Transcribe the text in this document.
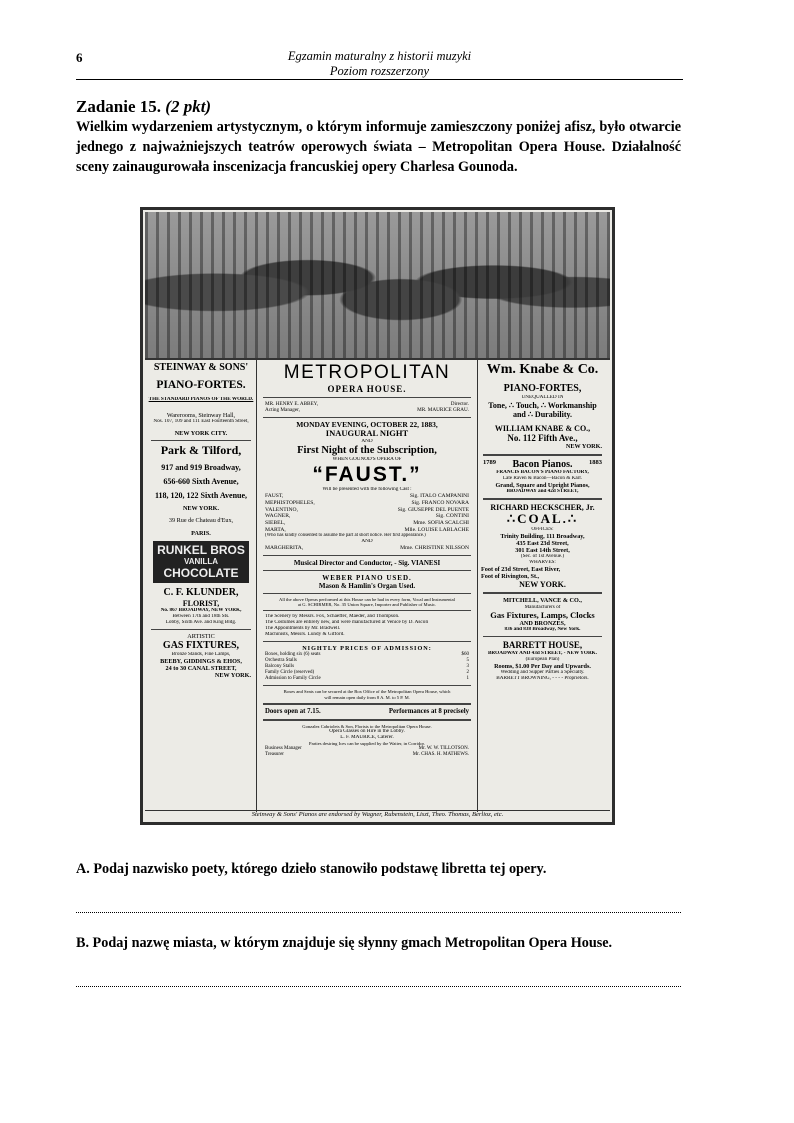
6	Egzamin maturalny z historii muzyki
Poziom rozszerzony
Zadanie 15. (2 pkt)
Wielkim wydarzeniem artystycznym, o którym informuje zamieszczony poniżej afisz, było otwarcie jednego z najważniejszych teatrów operowych świata – Metropolitan Opera House. Działalność sceny zainaugurowała inscenizacja francuskiej opery Charlesa Gounoda.
STEINWAY & SONS'
PIANO-FORTES.
THE STANDARD PIANOS OF THE WORLD.
Warerooms, Steinway Hall,
Nos. 107, 109 and 111 East Fourteenth Street,
NEW YORK CITY.
Park & Tilford,
917 and 919 Broadway,
656-660 Sixth Avenue,
118, 120, 122 Sixth Avenue,
NEW YORK.
39 Rue de Chateau d'Eux,
PARIS.
RUNKEL BROS
VANILLA
CHOCOLATE
C. F. KLUNDER,
FLORIST,
No. 867 BROADWAY, NEW YORK,
Between 17th and 18th Sts.
Lobby, Sixth Ave. and King Bldg.
ARTISTIC
GAS FIXTURES,
Bronze Stands, Fine Lamps,
BEEBY, GIDDINGS & EHOS,
24 to 30 CANAL STREET,
NEW YORK.
METROPOLITAN
OPERA HOUSE.
MR. HENRY E. ABBEY,	Director.
Acting Manager,	MR. MAURICE GRAU.
MONDAY EVENING, OCTOBER 22, 1883,
INAUGURAL NIGHT
AND
First Night of the Subscription,
WHEN GOUNOD'S OPERA OF
“FAUST.”
Will be presented with the following Cast :
FAUST,	Sig. ITALO CAMPANINI
MEPHISTOPHELES,	Sig. FRANCO NOVARA
VALENTINO,	Sig. GIUSEPPE DEL PUENTE
WAGNER,	Sig. CONTINI
SIEBEL,	Mme. SOFIA SCALCHI
MARTA,	Mlle. LOUISE LABLACHE
(Who has kindly consented to assume the part at short notice. Her first appearance.)
AND
MARGHERITA,	Mme. CHRISTINE NILSSON
Musical Director and Conductor, - Sig. VIANESI
WEBER PIANO USED.
Mason & Hamlin's Organ Used.
All the above Operas performed at this House can be had in every form, Vocal and Instrumental
at G. SCHIRMER, No. 35 Union Square, Importer and Publisher of Music.
The Scenery by Messrs. Fox, Schaeffer, Maeder, and Thompson.
The Costumes are entirely new, and were manufactured at Venice by D. Ascoli
The Appointments by Mr. Bradwell.
Machinists, Messrs. Lundy & Gifford.
NIGHTLY PRICES OF ADMISSION:
Boxes, holding six (6) seats	$60
Orchestra Stalls	5
Balcony Stalls	3
Family Circle (reserved)	2
Admission to Family Circle	1
Boxes and Seats can be secured at the Box Office of the Metropolitan Opera House, which
will remain open daily from 8 A. M. to 5 P. M.
Doors open at 7.15.	Performances at 8 precisely
Gonzalez Cabriolets & Son, Florists to the Metropolitan Opera House.
Opera Glasses on Hire in the Lobby.
L. F. MAURICE, Caterer.
Parties desiring Ices can be supplied by the Waiter, in Corridor.
Business Manager	Mr. W. W. TILLOTSON.
Treasurer	Mr. CHAS. H. MATHEWS.
Wm. Knabe & Co.
PIANO-FORTES,
UNEQUALLED IN
Tone, ∴ Touch, ∴ Workmanship
and ∴ Durability.
WILLIAM KNABE & CO.,
No. 112 Fifth Ave.,
NEW YORK.
1789 Bacon Pianos.	1883
FRANCIS BACON'S PIANO FACTORY,
Late Raven & Bacon—Bacon & Karr.
Grand, Square and Upright Pianos,
BROADWAY and 42d STREET,
RICHARD HECKSCHER, Jr.
∴COAL.∴
OFFICES:
Trinity Building, 111 Broadway,
435 East 23d Street,
301 East 14th Street,
(Sec. of 1st Avenue.)
WHARVES:
Foot of 23d Street, East River,
Foot of Rivington, St.,
NEW YORK.
MITCHELL, VANCE & CO.,
Manufacturers of
Gas Fixtures, Lamps, Clocks
AND BRONZES,
836 and 838 Broadway, New York.
BARRETT HOUSE,
BROADWAY AND 43d STREET, - NEW YORK.
(European Plan)
Rooms, $1.00 Per Day and Upwards.
Wedding and Supper Parties a Specialty.
BARRETT BROWNING, - - - - Proprietors.
Steinway & Sons' Pianos are endorsed by Wagner, Rubenstein, Liszt, Theo. Thomas, Berlioz, etc.
A. Podaj nazwisko poety, którego dzieło stanowiło podstawę libretta tej opery.
B. Podaj nazwę miasta, w którym znajduje się słynny gmach Metropolitan Opera House.
